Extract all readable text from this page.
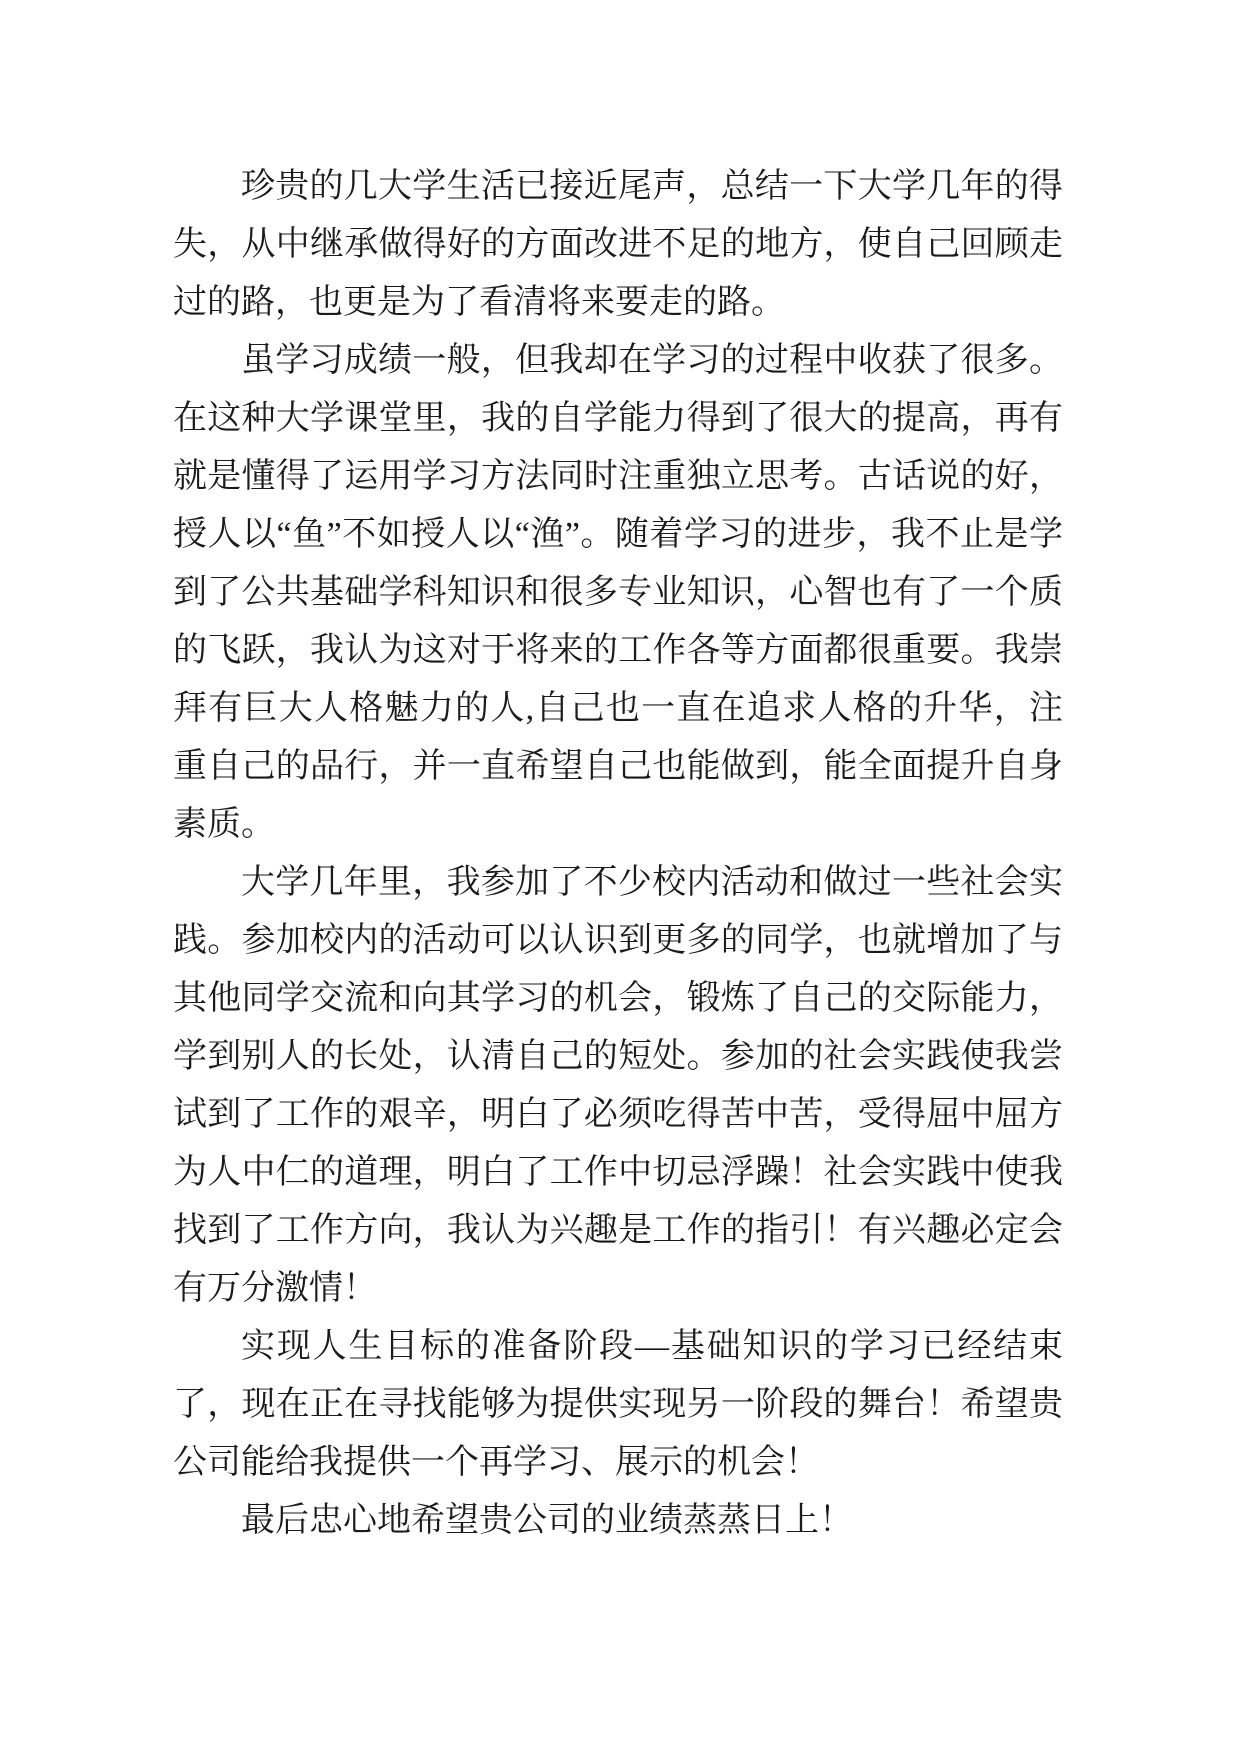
珍贵的几大学生活已接近尾声，总结一下大学几年的得失，从中继承做得好的方面改进不足的地方，使自己回顾走过的路，也更是为了看清将来要走的路。

虽学习成绩一般，但我却在学习的过程中收获了很多。在这种大学课堂里，我的自学能力得到了很大的提高，再有就是懂得了运用学习方法同时注重独立思考。古话说的好，授人以“鱼”不如授人以“渔”。随着学习的进步，我不止是学到了公共基础学科知识和很多专业知识，心智也有了一个质的飞跃，我认为这对于将来的工作各等方面都很重要。我崇拜有巨大人格魅力的人,自己也一直在追求人格的升华，注重自己的品行，并一直希望自己也能做到，能全面提升自身素质。

大学几年里，我参加了不少校内活动和做过一些社会实践。参加校内的活动可以认识到更多的同学，也就增加了与其他同学交流和向其学习的机会，锻炼了自己的交际能力，学到别人的长处，认清自己的短处。参加的社会实践使我尝试到了工作的艰辛，明白了必须吃得苦中苦，受得屈中屈方为人中仁的道理，明白了工作中切忌浮躁！社会实践中使我找到了工作方向，我认为兴趣是工作的指引！有兴趣必定会有万分激情！

实现人生目标的准备阶段—基础知识的学习已经结束了，现在正在寻找能够为提供实现另一阶段的舞台！希望贵公司能给我提供一个再学习、展示的机会！

最后忠心地希望贵公司的业绩蒸蒸日上！
